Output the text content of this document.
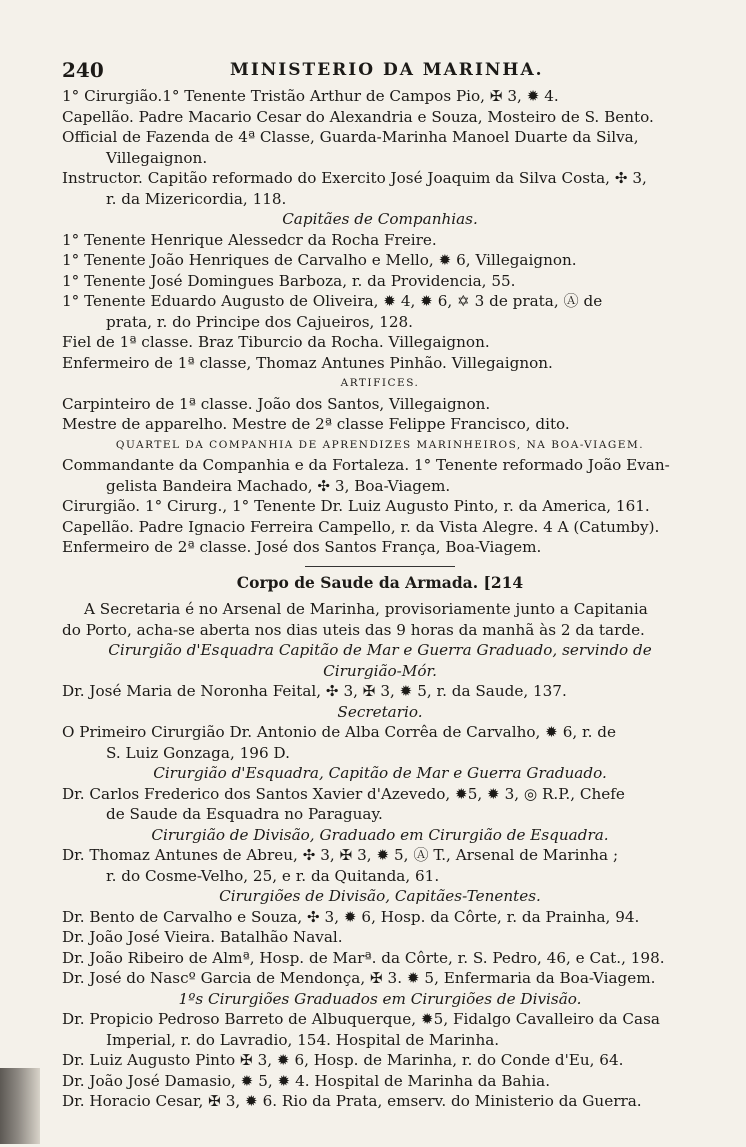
240	MINISTERIO DA MARINHA.
1° Cirurgião.1° Tenente Tristão Arthur de Campos Pio, ✠ 3, ✹ 4.
Capellão. Padre Macario Cesar do Alexandria e Souza, Mosteiro de S. Bento.
Official de Fazenda de 4ª Classe, Guarda-Marinha Manoel Duarte da Silva,
Villegaignon.
Instructor. Capitão reformado do Exercito José Joaquim da Silva Costa, ✣ 3,
r. da Mizericordia, 118.
Capitães de Companhias.
1° Tenente Henrique Alessedcr da Rocha Freire.
1° Tenente João Henriques de Carvalho e Mello, ✹ 6, Villegaignon.
1° Tenente José Domingues Barboza, r. da Providencia, 55.
1° Tenente Eduardo Augusto de Oliveira, ✹ 4, ✹ 6, ✡ 3 de prata, Ⓐ de
prata, r. do Principe dos Cajueiros, 128.
Fiel de 1ª classe. Braz Tiburcio da Rocha. Villegaignon.
Enfermeiro de 1ª classe, Thomaz Antunes Pinhão. Villegaignon.
ARTIFICES.
Carpinteiro de 1ª classe. João dos Santos, Villegaignon.
Mestre de apparelho. Mestre de 2ª classe Felippe Francisco, dito.
QUARTEL DA COMPANHIA DE APRENDIZES MARINHEIROS, NA BOA-VIAGEM.
Commandante da Companhia e da Fortaleza. 1° Tenente reformado João Evan-
gelista Bandeira Machado, ✣ 3, Boa-Viagem.
Cirurgião. 1° Cirurg., 1° Tenente Dr. Luiz Augusto Pinto, r. da America, 161.
Capellão. Padre Ignacio Ferreira Campello, r. da Vista Alegre. 4 A (Catumby).
Enfermeiro de 2ª classe. José dos Santos França, Boa-Viagem.
Corpo de Saude da Armada. [214
A Secretaria é no Arsenal de Marinha, provisoriamente junto a Capitania
do Porto, acha-se aberta nos dias uteis das 9 horas da manhã às 2 da tarde.
Cirurgião d'Esquadra Capitão de Mar e Guerra Graduado, servindo de
Cirurgião-Mór.
Dr. José Maria de Noronha Feital, ✣ 3, ✠ 3, ✹ 5, r. da Saude, 137.
Secretario.
O Primeiro Cirurgião Dr. Antonio de Alba Corrêa de Carvalho, ✹ 6, r. de
S. Luiz Gonzaga, 196 D.
Cirurgião d'Esquadra, Capitão de Mar e Guerra Graduado.
Dr. Carlos Frederico dos Santos Xavier d'Azevedo, ✹5, ✹ 3, ◎ R.P., Chefe
de Saude da Esquadra no Paraguay.
Cirurgião de Divisão, Graduado em Cirurgião de Esquadra.
Dr. Thomaz Antunes de Abreu, ✣ 3, ✠ 3, ✹ 5, Ⓐ T., Arsenal de Marinha ;
r. do Cosme-Velho, 25, e r. da Quitanda, 61.
Cirurgiões de Divisão, Capitães-Tenentes.
Dr. Bento de Carvalho e Souza, ✣ 3, ✹ 6, Hosp. da Côrte, r. da Prainha, 94.
Dr. João José Vieira. Batalhão Naval.
Dr. João Ribeiro de Almª, Hosp. de Marª. da Côrte, r. S. Pedro, 46, e Cat., 198.
Dr. José do Nascº Garcia de Mendonça, ✠ 3. ✹ 5, Enfermaria da Boa-Viagem.
1ºs Cirurgiões Graduados em Cirurgiões de Divisão.
Dr. Propicio Pedroso Barreto de Albuquerque, ✹5, Fidalgo Cavalleiro da Casa
Imperial, r. do Lavradio, 154. Hospital de Marinha.
Dr. Luiz Augusto Pinto ✠ 3, ✹ 6, Hosp. de Marinha, r. do Conde d'Eu, 64.
Dr. João José Damasio, ✹ 5, ✹ 4. Hospital de Marinha da Bahia.
Dr. Horacio Cesar, ✠ 3, ✹ 6. Rio da Prata, emserv. do Ministerio da Guerra.
